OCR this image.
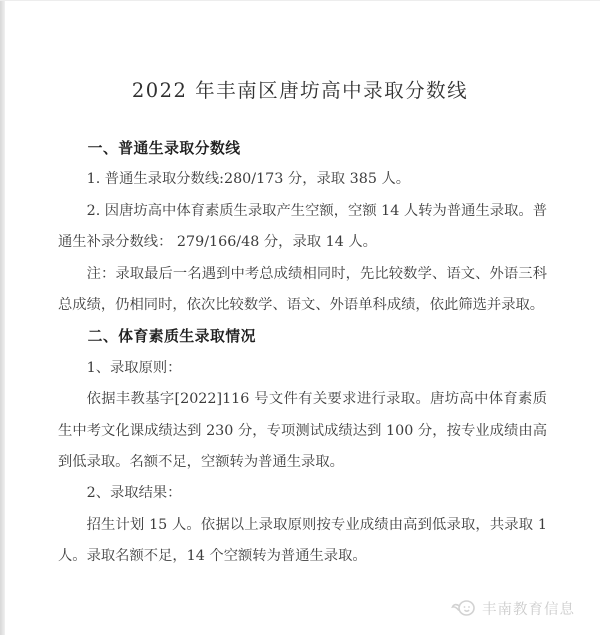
2022 年丰南区唐坊高中录取分数线
一、普通生录取分数线

1. 普通生录取分数线:280/173 分，录取 385 人。

2. 因唐坊高中体育素质生录取产生空额，空额 14 人转为普通生录取。普通生补录分数线： 279/166/48 分，录取 14 人。

注：录取最后一名遇到中考总成绩相同时，先比较数学、语文、外语三科总成绩，仍相同时，依次比较数学、语文、外语单科成绩，依此筛选并录取。

二、体育素质生录取情况

1、录取原则：

依据丰教基字[2022]116 号文件有关要求进行录取。唐坊高中体育素质生中考文化课成绩达到 230 分，专项测试成绩达到 100 分，按专业成绩由高到低录取。名额不足，空额转为普通生录取。

2、录取结果：

招生计划 15 人。依据以上录取原则按专业成绩由高到低录取，共录取 1 人。录取名额不足，14 个空额转为普通生录取。

丰南教育信息
